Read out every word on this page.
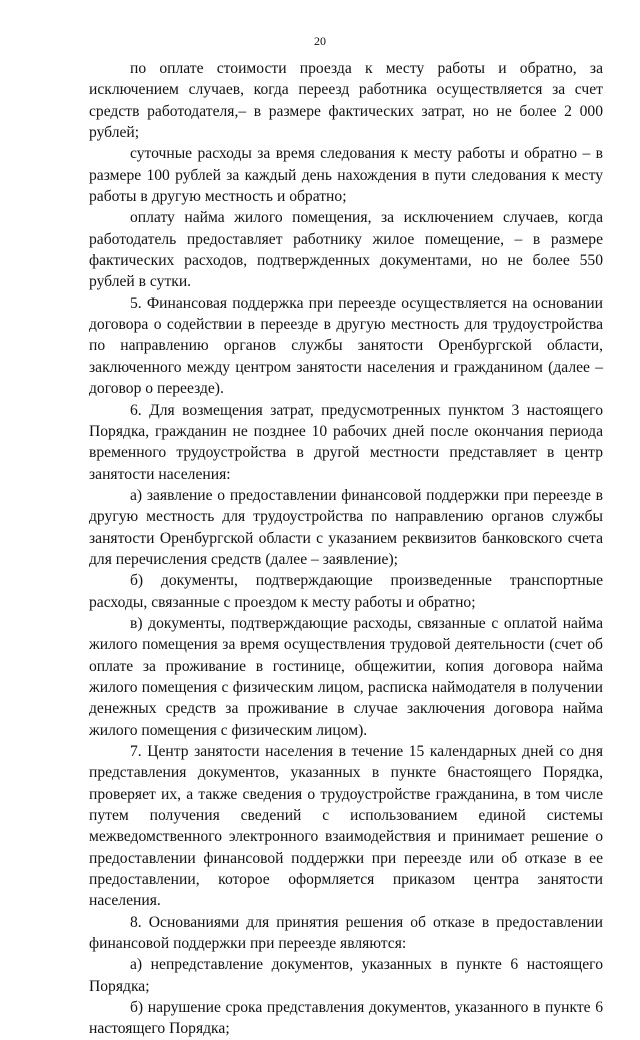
20

по оплате стоимости проезда к месту работы и обратно, за исключением случаев, когда переезд работника осуществляется за счет средств работодателя,– в размере фактических затрат, но не более 2 000 рублей;

суточные расходы за время следования к месту работы и обратно – в размере 100 рублей за каждый день нахождения в пути следования к месту работы в другую местность и обратно;

оплату найма жилого помещения, за исключением случаев, когда работодатель предоставляет работнику жилое помещение, – в размере фактических расходов, подтвержденных документами, но не более 550 рублей в сутки.

5. Финансовая поддержка при переезде осуществляется на основании договора о содействии в переезде в другую местность для трудоустройства по направлению органов службы занятости Оренбургской области, заключенного между центром занятости населения и гражданином (далее – договор о переезде).

6. Для возмещения затрат, предусмотренных пунктом 3 настоящего Порядка, гражданин не позднее 10 рабочих дней после окончания периода временного трудоустройства в другой местности представляет в центр занятости населения:

а) заявление о предоставлении финансовой поддержки при переезде в другую местность для трудоустройства по направлению органов службы занятости Оренбургской области с указанием реквизитов банковского счета для перечисления средств (далее – заявление);

б) документы, подтверждающие произведенные транспортные расходы, связанные с проездом к месту работы и обратно;

в) документы, подтверждающие расходы, связанные с оплатой найма жилого помещения за время осуществления трудовой деятельности (счет об оплате за проживание в гостинице, общежитии, копия договора найма жилого помещения с физическим лицом, расписка наймодателя в получении денежных средств за проживание в случае заключения договора найма жилого помещения с физическим лицом).

7. Центр занятости населения в течение 15 календарных дней со дня представления документов, указанных в пункте 6настоящего Порядка, проверяет их, а также сведения о трудоустройстве гражданина, в том числе путем получения сведений с использованием единой системы межведомственного электронного взаимодействия и принимает решение о предоставлении финансовой поддержки при переезде или об отказе в ее предоставлении, которое оформляется приказом центра занятости населения.

8. Основаниями для принятия решения об отказе в предоставлении финансовой поддержки при переезде являются:

а) непредставление документов, указанных в пункте 6 настоящего Порядка;

б) нарушение срока представления документов, указанного в пункте 6 настоящего Порядка;
